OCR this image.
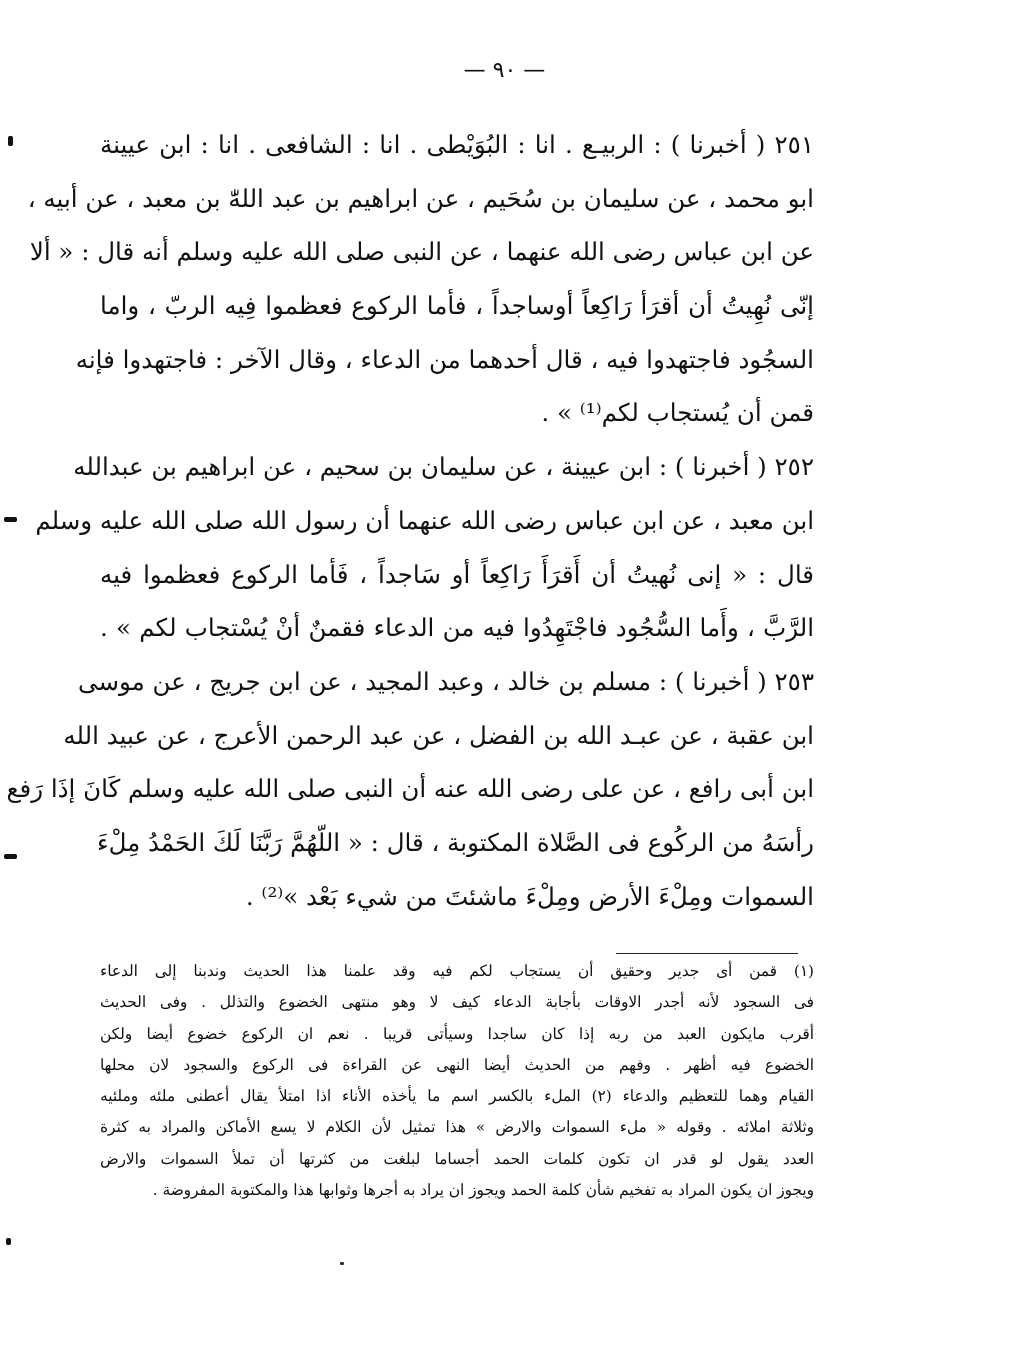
— ٩٠ —
٢٥١ ( أخبرنا ) : الربيـع . انا : البُوَيْطى . انا : الشافعى . انا : ابن عيينة
ابو محمد ، عن سليمان بن سُحَيم ، عن ابراهيم بن عبد اللهّٰ بن معبد ، عن أبيه ،
عن ابن عباس رضى الله عنهما ، عن النبى صلى الله عليه وسلم أنه قال : « ألا
إنّى نُهِيتُ أن أقرَأ رَاكِعاً أوساجداً ، فأما الركوع فعظموا فِيه الربّ ، واما
السجُود فاجتهدوا فيه ، قال أحدهما من الدعاء ، وقال الآخر : فاجتهدوا فإنه
قمن أن يُستجاب لكم⁽¹⁾ » .
٢٥٢ ( أخبرنا ) : ابن عيينة ، عن سليمان بن سحيم ، عن ابراهيم بن عبدالله
ابن معبد ، عن ابن عباس رضى الله عنهما أن رسول الله صلى الله عليه وسلم
قال : « إنى نُهيتُ أن أَقرَأَ رَاكِعاً أو سَاجداً ، فَأما الركوع فعظموا فيه
الرَّبَّ ، وأَما السُّجُود فاجْتَهِدُوا فيه من الدعاء فقمنٌ أنْ يُسْتجاب لكم » .
٢٥٣ ( أخبرنا ) : مسلم بن خالد ، وعبد المجيد ، عن ابن جريج ، عن موسى
ابن عقبة ، عن عبـد الله بن الفضل ، عن عبد الرحمن الأعرج ، عن عبيد الله
ابن أبى رافع ، عن على رضى الله عنه أن النبى صلى الله عليه وسلم كَانَ إذَا رَفع
رأسَهُ من الركُوع فى الصَّلاة المكتوبة ، قال : « اللّهُمَّ رَبَّنَا لَكَ الحَمْدُ مِلْءَ
السموات ومِلْءَ الأرض ومِلْءَ ماشئتَ من شيء بَعْد »⁽²⁾ .
(١) قمن أى جدير وحقيق أن يستجاب لكم فيه وقد علمنا هذا الحديث وندبنا إلى الدعاء
فى السجود لأنه أجدر الاوقات بأجابة الدعاء كيف لا وهو منتهى الخضوع والتذلل . وفى الحديث
أقرب مايكون العبد من ربه إذا كان ساجدا وسيأتى قريبا . نعم ان الركوع خضوع أيضا ولكن
الخضوع فيه أظهر . وفهم من الحديث أيضا النهى عن القراءة فى الركوع والسجود لان محلها
القيام وهما للتعظيم والدعاء (٢) الملء بالكسر اسم ما يأخذه الأناء اذا امتلأ يقال أعطنى ملئه وملئيه
وثلاثة املائه . وقوله « ملء السموات والارض » هذا تمثيل لأن الكلام لا يسع الأماكن والمراد به كثرة
العدد يقول لو قدر ان تكون كلمات الحمد أجساما لبلغت من كثرتها أن تملأ السموات والارض
ويجوز ان يكون المراد به تفخيم شأن كلمة الحمد ويجوز ان يراد به أجرها وثوابها هذا والمكتوبة المفروضة .
